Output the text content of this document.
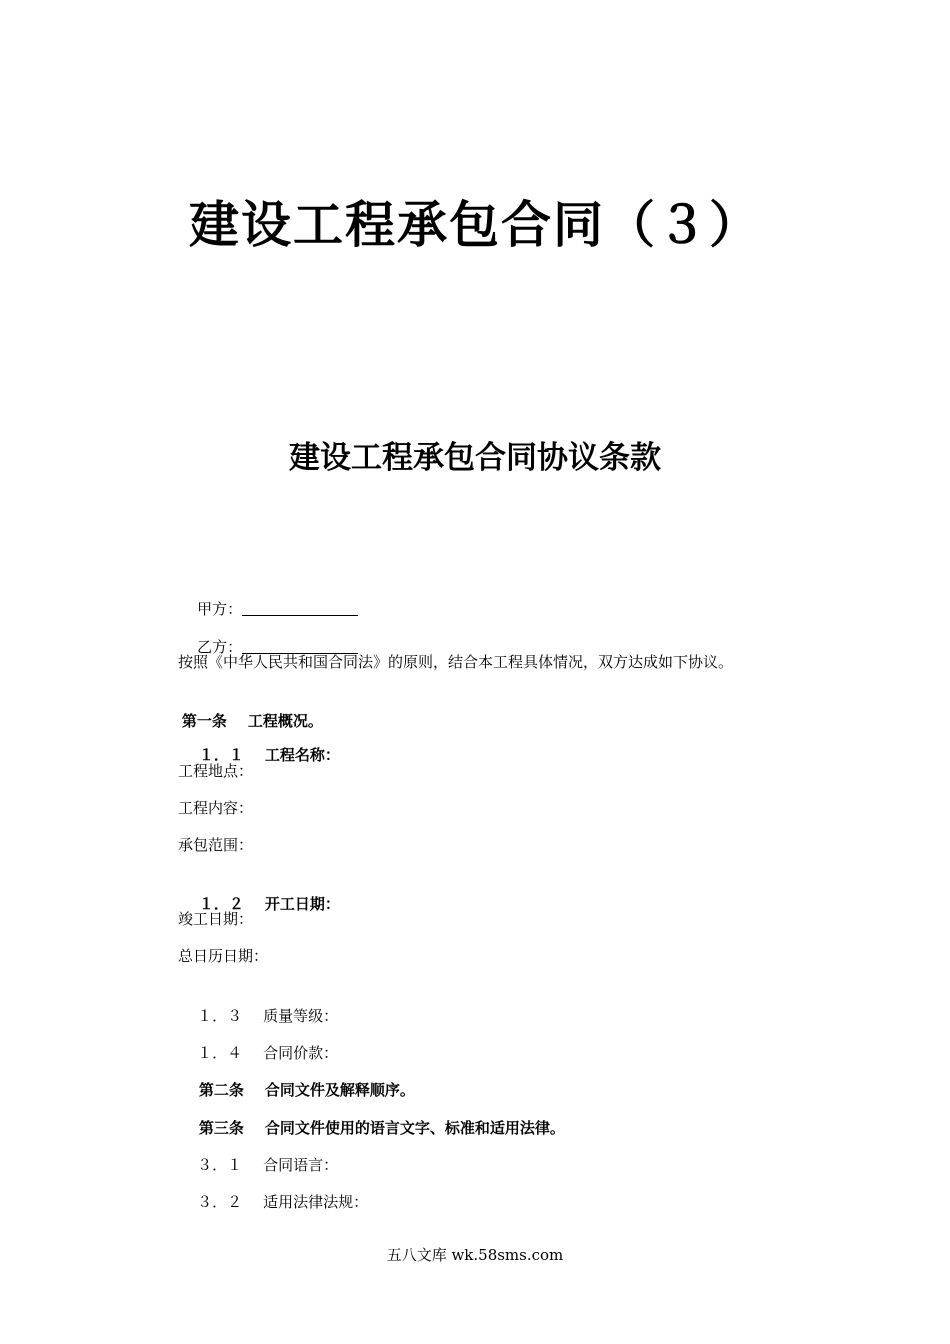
建设工程承包合同（３）
建设工程承包合同协议条款

甲方：

乙方：

按照《中华人民共和国合同法》的原则，结合本工程具体情况，双方达成如下协议。

第一条 工程概况。

１．１ 工程名称：

工程地点：
工程内容：
承包范围：

１．２ 开工日期：

竣工日期：
总日历日期：

１．３ 质量等级：

１．４ 合同价款：

第二条 合同文件及解释顺序。

第三条 合同文件使用的语言文字、标准和适用法律。

３．１ 合同语言：

３．２ 适用法律法规：

五八文库 wk.58sms.com
